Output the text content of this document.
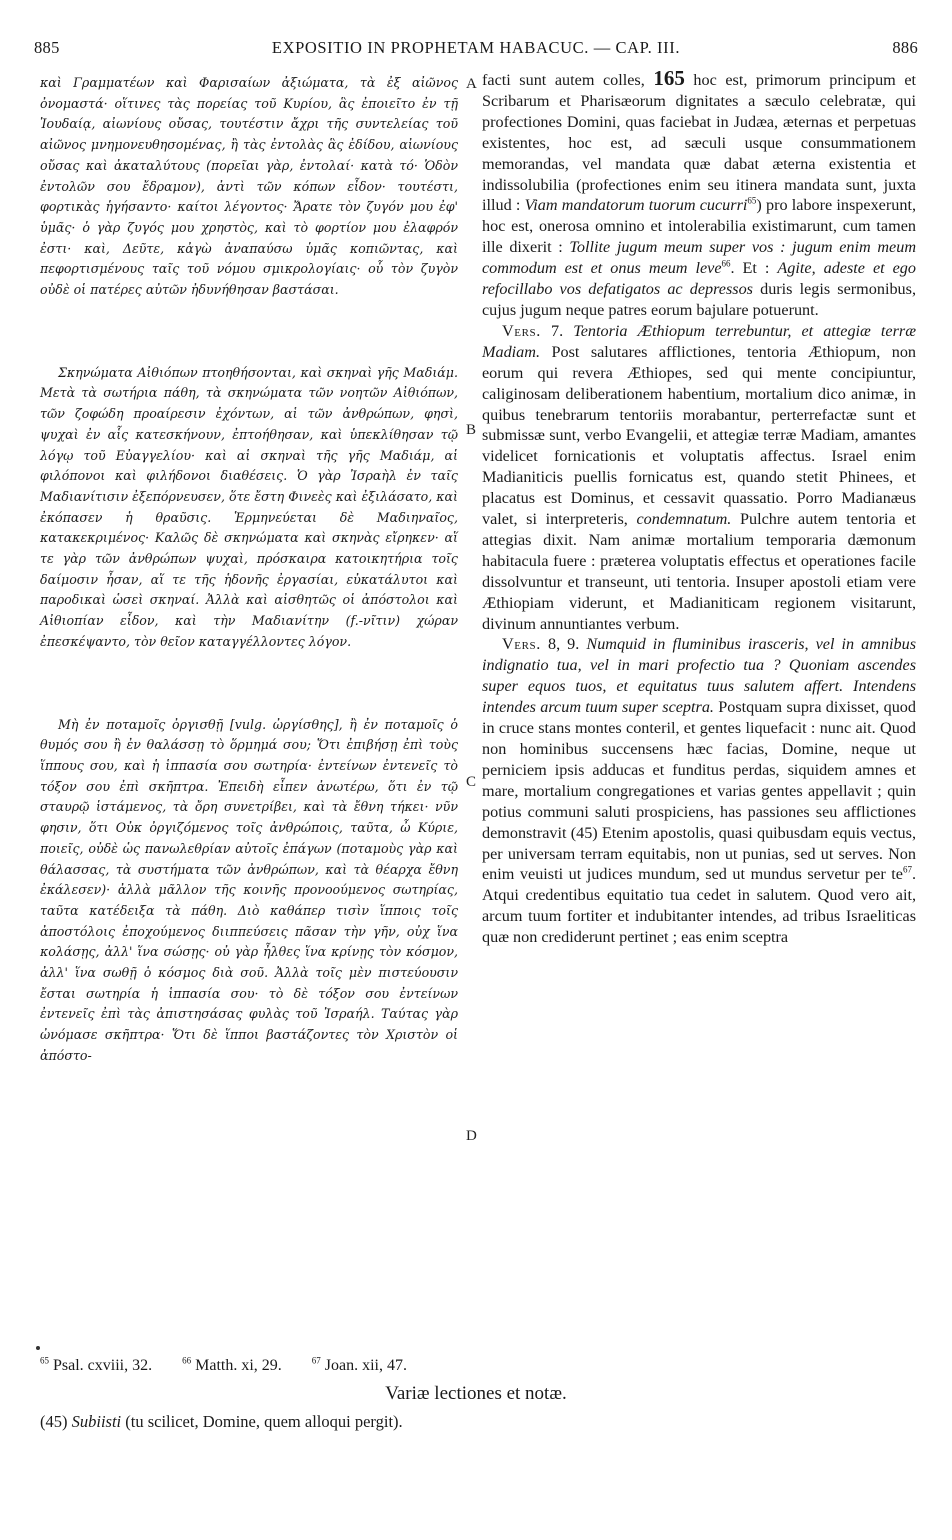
885	EXPOSITIO IN PROPHETAM HABACUC. — CAP. III.	886

καὶ Γραμματέων καὶ Φαρισαίων ἀξιώματα, τὰ ἐξ αἰῶνος ὀνομαστά· οἵτινες τὰς πορείας τοῦ Κυρίου, ἃς ἐποιεῖτο ἐν τῇ Ἰουδαίᾳ, αἰωνίους οὔσας, τουτέστιν ἄχρι τῆς συντελείας τοῦ αἰῶνος μνημονευθησομένας, ἢ τὰς ἐντολὰς ἃς ἐδίδου, αἰωνίους οὔσας καὶ ἀκαταλύτους (πορεῖαι γὰρ, ἐντολαί· κατὰ τό· Ὁδὸν ἐντολῶν σου ἔδραμον), ἀντὶ τῶν κόπων εἶδον· τουτέστι, φορτικὰς ἡγήσαντο· καίτοι λέγοντος· Ἄρατε τὸν ζυγόν μου ἐφ' ὑμᾶς· ὁ γὰρ ζυγός μου χρηστὸς, καὶ τὸ φορτίον μου ἐλαφρόν ἐστι· καὶ, Δεῦτε, κἀγὼ ἀναπαύσω ὑμᾶς κοπιῶντας, καὶ πεφορτισμένους ταῖς τοῦ νόμου σμικρολογίαις· οὗ τὸν ζυγὸν οὐδὲ οἱ πατέρες αὐτῶν ἠδυνήθησαν βαστάσαι.

Σκηνώματα Αἰθιόπων πτοηθήσονται, καὶ σκηναὶ γῆς Μαδιάμ. Μετὰ τὰ σωτήρια πάθη, τὰ σκηνώματα τῶν νοητῶν Αἰθιόπων, τῶν ζοφώδη προαίρεσιν ἐχόντων, αἱ τῶν ἀνθρώπων, φησὶ, ψυχαὶ ἐν αἷς κατεσκήνουν, ἐπτοήθησαν, καὶ ὑπεκλίθησαν τῷ λόγῳ τοῦ Εὐαγγελίου· καὶ αἱ σκηναὶ τῆς γῆς Μαδιάμ, αἱ φιλόπονοι καὶ φιλήδονοι διαθέσεις. Ὁ γὰρ Ἰσραὴλ ἐν ταῖς Μαδιανίτισιν ἐξεπόρνευσεν, ὅτε ἔστη Φινεὲς καὶ ἐξιλάσατο, καὶ ἐκόπασεν ἡ θραῦσις. Ἑρμηνεύεται δὲ Μαδιηναῖος, κατακεκριμένος· Καλῶς δὲ σκηνώματα καὶ σκηνὰς εἴρηκεν· αἵ τε γὰρ τῶν ἀνθρώπων ψυχαὶ, πρόσκαιρα κατοικητήρια τοῖς δαίμοσιν ἦσαν, αἵ τε τῆς ἡδονῆς ἐργασίαι, εὐκατάλυτοι καὶ παροδικαὶ ὡσεὶ σκηναί. Ἀλλὰ καὶ αἰσθητῶς οἱ ἀπόστολοι καὶ Αἰθιοπίαν εἶδον, καὶ τὴν Μαδιανίτην (f.-νῖτιν) χώραν ἐπεσκέψαντο, τὸν θεῖον καταγγέλλοντες λόγον.

Μὴ ἐν ποταμοῖς ὀργισθῇ [vulg. ὠργίσθης], ἢ ἐν ποταμοῖς ὁ θυμός σου ἢ ἐν θαλάσσῃ τὸ ὅρμημά σου; Ὅτι ἐπιβήσῃ ἐπὶ τοὺς ἵππους σου, καὶ ἡ ἱππασία σου σωτηρία· ἐντείνων ἐντενεῖς τὸ τόξον σου ἐπὶ σκῆπτρα. Ἐπειδὴ εἶπεν ἀνωτέρω, ὅτι ἐν τῷ σταυρῷ ἱστάμενος, τὰ ὄρη συνετρίβει, καὶ τὰ ἔθνη τήκει· νῦν φησιν, ὅτι Οὐκ ὀργιζόμενος τοῖς ἀνθρώποις, ταῦτα, ὦ Κύριε, ποιεῖς, οὐδὲ ὡς πανωλεθρίαν αὐτοῖς ἐπάγων (ποταμοὺς γὰρ καὶ θάλασσας, τὰ συστήματα τῶν ἀνθρώπων, καὶ τὰ θέαρχα ἔθνη ἐκάλεσεν)· ἀλλὰ μᾶλλον τῆς κοινῆς προνοούμενος σωτηρίας, ταῦτα κατέδειξα τὰ πάθη. Διὸ καθάπερ τισὶν ἵπποις τοῖς ἀποστόλοις ἐποχούμενος διιππεύσεις πᾶσαν τὴν γῆν, οὐχ ἵνα κολάσῃς, ἀλλ' ἵνα σώσῃς· οὐ γὰρ ἦλθες ἵνα κρίνῃς τὸν κόσμον, ἀλλ' ἵνα σωθῇ ὁ κόσμος διὰ σοῦ. Ἀλλὰ τοῖς μὲν πιστεύουσιν ἔσται σωτηρία ἡ ἱππασία σου· τὸ δὲ τόξον σου ἐντείνων ἐντενεῖς ἐπὶ τὰς ἀπιστησάσας φυλὰς τοῦ Ἰσραήλ. Ταύτας γὰρ ὠνόμασε σκῆπτρα· Ὅτι δὲ ἵπποι βαστάζοντες τὸν Χριστὸν οἱ ἀπόστο-

A
B
C
D

facti sunt autem colles, 165 hoc est, primorum principum et Scribarum et Pharisæorum dignitates a sæculo celebratæ, qui profectiones Domini, quas faciebat in Judæa, æternas et perpetuas existentes, hoc est, ad sæculi usque consummationem memorandas, vel mandata quæ dabat æterna existentia et indissolubilia (profectiones enim seu itinera mandata sunt, juxta illud : Viam mandatorum tuorum cucurri$^{65}$) pro labore inspexerunt, hoc est, onerosa omnino et intolerabilia existimarunt, cum tamen ille dixerit : Tollite jugum meum super vos : jugum enim meum commodum est et onus meum leve$^{66}$. Et : Agite, adeste et ego refocillabo vos defatigatos ac depressos duris legis sermonibus, cujus jugum neque patres eorum bajulare potuerunt.

Vers. 7. Tentoria Æthiopum terrebuntur, et attegiæ terræ Madiam. Post salutares afflictiones, tentoria Æthiopum, non eorum qui revera Æthiopes, sed qui mente concipiuntur, caliginosam deliberationem habentium, mortalium dico animæ, in quibus tenebrarum tentoriis morabantur, perterrefactæ sunt et submissæ sunt, verbo Evangelii, et attegiæ terræ Madiam, amantes videlicet fornicationis et voluptatis affectus. Israel enim Madianiticis puellis fornicatus est, quando stetit Phinees, et placatus est Dominus, et cessavit quassatio. Porro Madianæus valet, si interpreteris, condemnatum. Pulchre autem tentoria et attegias dixit. Nam animæ mortalium temporaria dæmonum habitacula fuere : præterea voluptatis effectus et operationes facile dissolvuntur et transeunt, uti tentoria. Insuper apostoli etiam vere Æthiopiam viderunt, et Madianiticam regionem visitarunt, divinum annuntiantes verbum.

Vers. 8, 9. Numquid in fluminibus irasceris, vel in amnibus indignatio tua, vel in mari profectio tua ? Quoniam ascendes super equos tuos, et equitatus tuus salutem affert. Intendens intendes arcum tuum super sceptra. Postquam supra dixisset, quod in cruce stans montes conteril, et gentes liquefacit : nunc ait. Quod non hominibus succensens hæc facias, Domine, neque ut perniciem ipsis adducas et funditus perdas, siquidem amnes et mare, mortalium congregationes et varias gentes appellavit ; quin potius communi saluti prospiciens, has passiones seu afflictiones demonstravit (45) Etenim apostolis, quasi quibusdam equis vectus, per universam terram equitabis, non ut punias, sed ut serves. Non enim veuisti ut judices mundum, sed ut mundus servetur per $te^{67}$. Atqui credentibus equitatio tua cedet in salutem. Quod vero ait, arcum tuum fortiter et indubitanter intendes, ad tribus Israeliticas quæ non crediderunt pertinet ; eas enim sceptra

$^{65}$ Psal. cxviii, 32.	$^{66}$ Matth. xi, 29.	$^{67}$ Joan. xii, 47.
Variæ lectiones et notæ.
(45) Subiisti (tu scilicet, Domine, quem alloqui pergit).
